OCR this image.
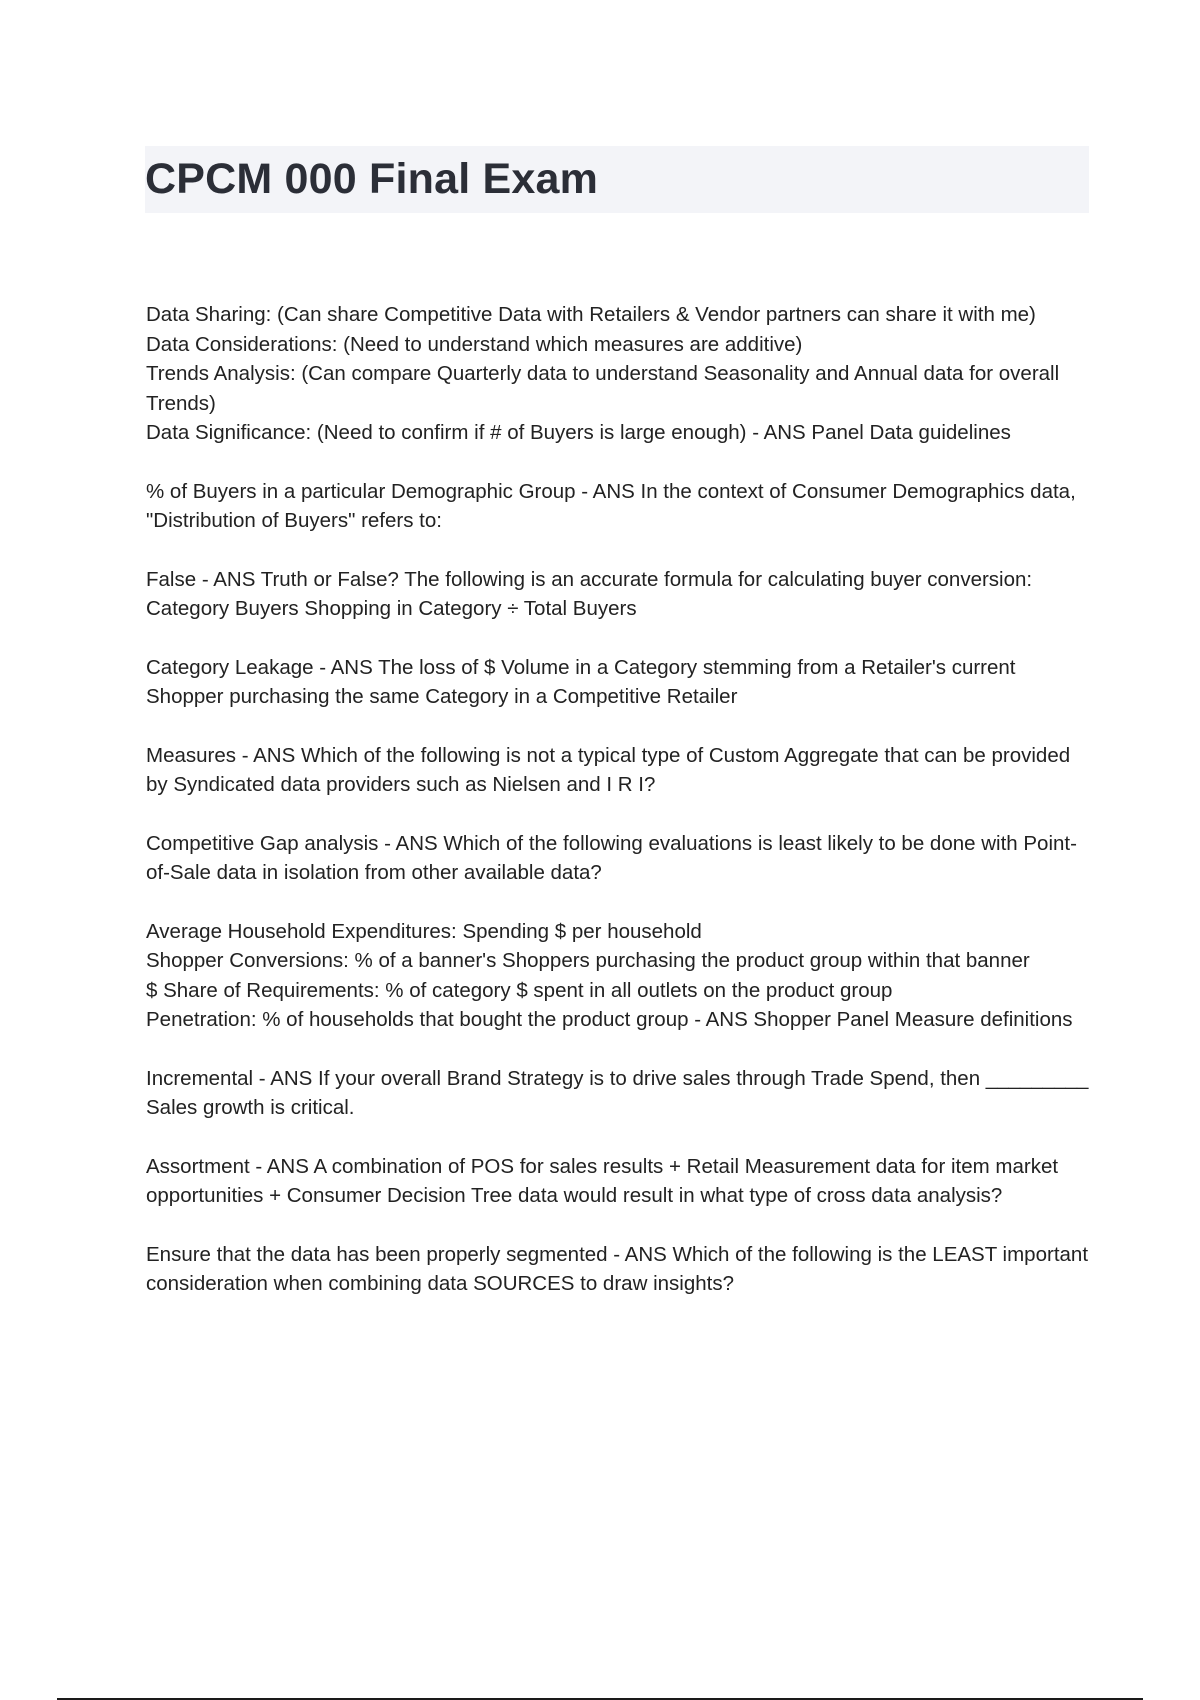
CPCM 000 Final Exam

Data Sharing: (Can share Competitive Data with Retailers & Vendor partners can share it with me)
Data Considerations: (Need to understand which measures are additive)
Trends Analysis: (Can compare Quarterly data to understand Seasonality and Annual data for overall Trends)
Data Significance: (Need to confirm if # of Buyers is large enough) - ANS Panel Data guidelines

% of Buyers in a particular Demographic Group - ANS In the context of Consumer Demographics data, "Distribution of Buyers" refers to:

False - ANS Truth or False? The following is an accurate formula for calculating buyer conversion: Category Buyers Shopping in Category ÷ Total Buyers

Category Leakage - ANS The loss of $ Volume in a Category stemming from a Retailer's current Shopper purchasing the same Category in a Competitive Retailer

Measures - ANS Which of the following is not a typical type of Custom Aggregate that can be provided by Syndicated data providers such as Nielsen and I R I?

Competitive Gap analysis - ANS Which of the following evaluations is least likely to be done with Point-of-Sale data in isolation from other available data?

Average Household Expenditures: Spending $ per household
Shopper Conversions: % of a banner's Shoppers purchasing the product group within that banner
$ Share of Requirements: % of category $ spent in all outlets on the product group
Penetration: % of households that bought the product group - ANS Shopper Panel Measure definitions

Incremental - ANS If your overall Brand Strategy is to drive sales through Trade Spend, then _________ Sales growth is critical.

Assortment - ANS A combination of POS for sales results + Retail Measurement data for item market opportunities + Consumer Decision Tree data would result in what type of cross data analysis?

Ensure that the data has been properly segmented - ANS Which of the following is the LEAST important consideration when combining data SOURCES to draw insights?
